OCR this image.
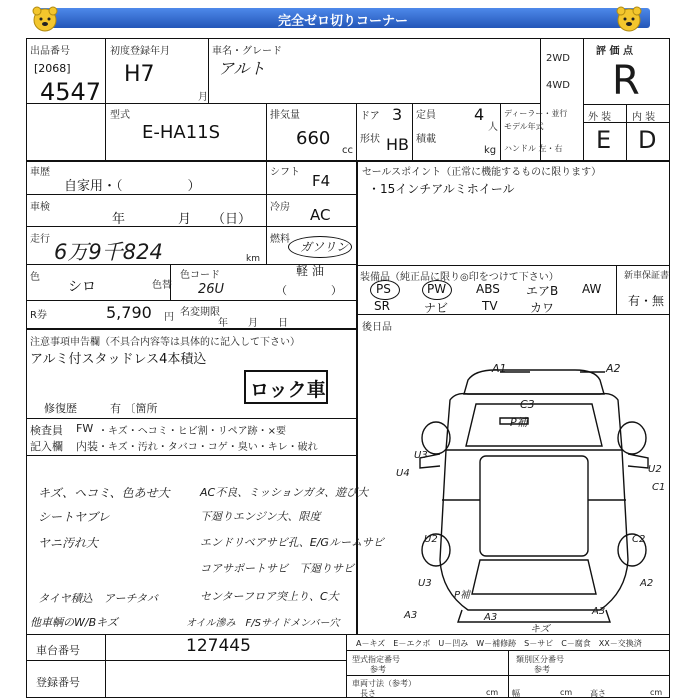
完全ゼロ切りコーナー
出品番号
[2068]
4547
初度登録年月
H7
月
車名・グレード
アルト
2WD
4WD
評 価 点
R
外 装 内 装
E D
型式
E-HA11S
排気量
660
cc
ドア 3
形状 HB
定員 4
人
積載
kg
ディーラー・並行
モデル年式
ハンドル 左・右
車歴
自家用・（　　　　　）
シフト F4
車検
年	月 （日）
冷房 AC
走行
6万9千824	km
燃料
ガソリン
軽 油
（　　　　）
色
シロ	色替
色コード
26U
R券	5,790 円 名変期限
年　　月　　日
セールスポイント（正常に機能するものに限ります）
・15インチアルミホイール
装備品（純正品に限り◎印をつけて下さい）
PS	PW ABS エアB AW
SR	ナビ	TV	カワ
新車保証書
有・無
後日品
注意事項申告欄（不具合内容等は具体的に記入して下さい）
アルミ付スタッドレス4本積込
ロック車
修復歴	有 〔箇所
検査員
記入欄
FW
内装
・キズ・ヘコミ・ヒビ割・リペア跡・×要
・キズ・汚れ・タバコ・コゲ・臭い・キレ・破れ
キズ、ヘコミ、色あせ大
シートヤブレ
ヤニ汚れ大
タイヤ積込　アーチタバ
他車輌のW/Bキズ
AC不良、ミッションガタ、遊び大
下廻りエンジン大、限度
エンドリベアサビ孔、E/Gルームサビ
コアサポートサビ　下廻りサビ
センターフロア突上り、C大
オイル滲み　F/Sサイドメンバー穴
A1	A2
C3
P補
U3
U2
U4
U2
C1
C2
A2
U3
P補
A3	A3
A3
キズ
車台番号	127445
登録番号
A－キズ　E－エクボ　U－凹み　W－補修跡　S－サビ　C－腐食　XX－交換済
型式指定番号
参考
類別区分番号
参考
車両寸法（参考）
長さ	cm 幅	cm 高さ	cm
